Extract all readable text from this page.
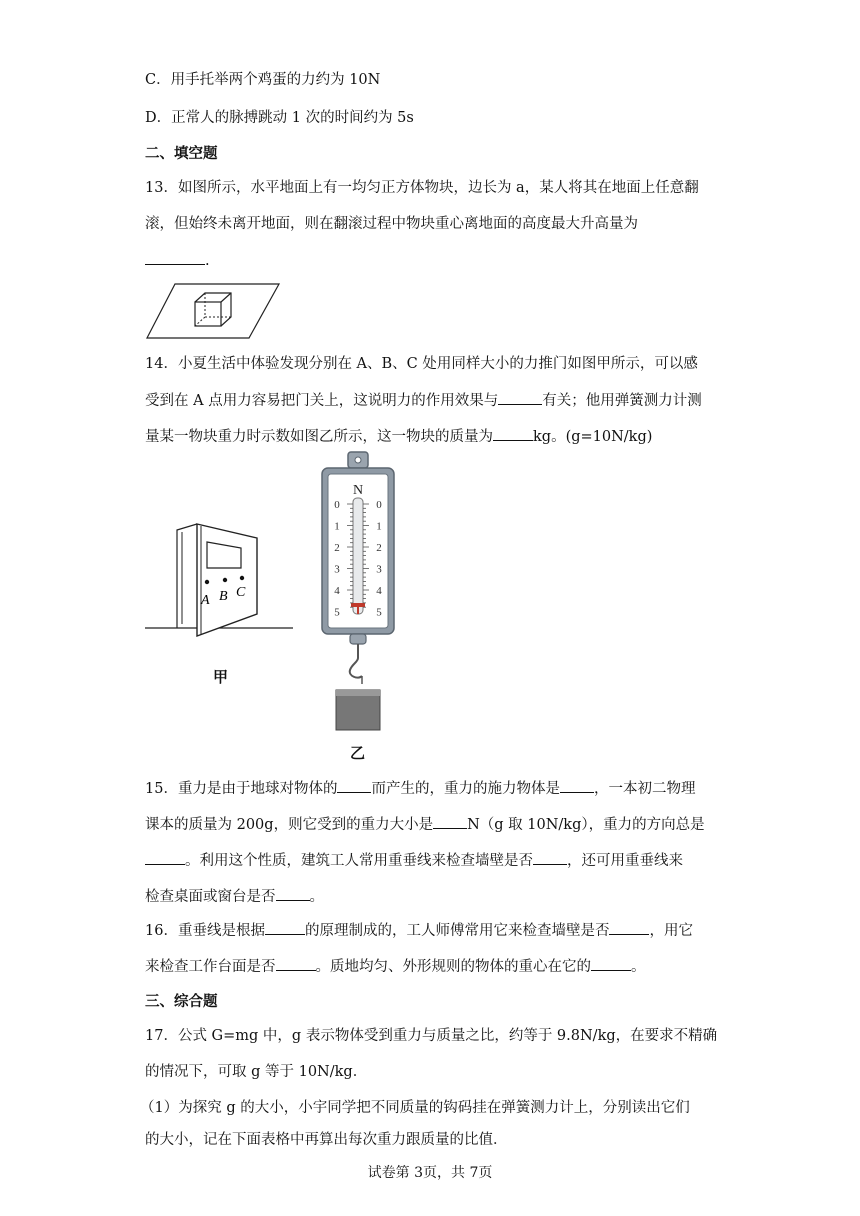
C．用手托举两个鸡蛋的力约为 10N
D．正常人的脉搏跳动 1 次的时间约为 5s
二、填空题
13．如图所示，水平地面上有一均匀正方体物块，边长为 a，某人将其在地面上任意翻
滚，但始终未离开地面，则在翻滚过程中物块重心离地面的高度最大升高量为
.
14．小夏生活中体验发现分别在 A、B、C 处用同样大小的力推门如图甲所示，可以感
受到在 A 点用力容易把门关上，这说明力的作用效果与	有关；他用弹簧测力计测
量某一物块重力时示数如图乙所示，这一物块的质量为	kg。(g=10N/kg)
A B C
甲
N
0	0
1	1
2	2
3	3
4	4
5	5
乙
15．重力是由于地球对物体的 而产生的，重力的施力物体是 ，一本初二物理
课本的质量为 200g，则它受到的重力大小是 N（g 取 10N/kg），重力的方向总是
。利用这个性质，建筑工人常用重垂线来检查墙壁是否 ，还可用重垂线来
检查桌面或窗台是否 。
16．重垂线是根据	的原理制成的，工人师傅常用它来检查墙壁是否	，用它
来检查工作台面是否	。质地均匀、外形规则的物体的重心在它的	。
三、综合题
17．公式 G=mg 中，g 表示物体受到重力与质量之比，约等于 9.8N/kg，在要求不精确
的情况下，可取 g 等于 10N/kg．
（1）为探究 g 的大小，小宇同学把不同质量的钩码挂在弹簧测力计上，分别读出它们
的大小，记在下面表格中再算出每次重力跟质量的比值．
试卷第 3页，共 7页
